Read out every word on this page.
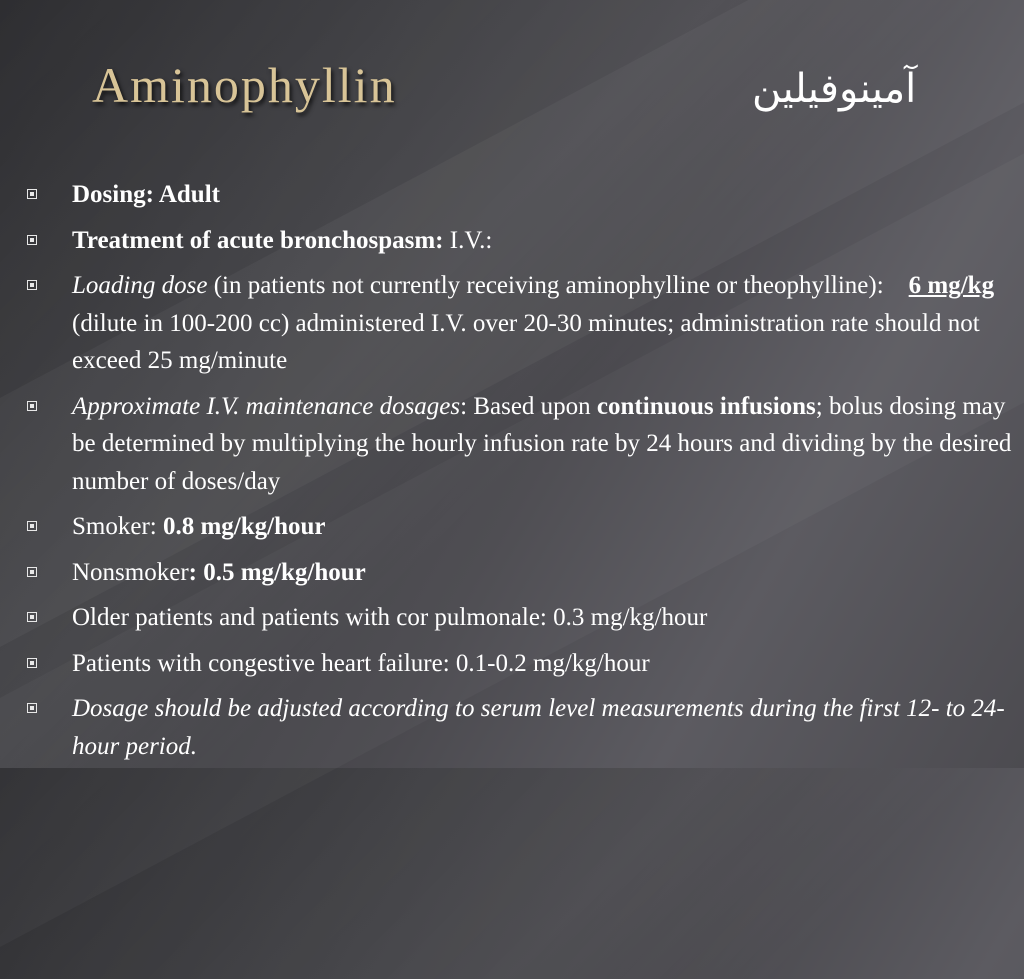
Aminophyllin	آمينوفيلين
Dosing: Adult
Treatment of acute bronchospasm: I.V.:
Loading dose (in patients not currently receiving aminophylline or theophylline):    6 mg/kg (dilute in 100-200 cc) administered I.V. over 20-30 minutes; administration rate should not exceed 25 mg/minute
Approximate I.V. maintenance dosages: Based upon continuous infusions; bolus dosing may be determined by multiplying the hourly infusion rate by 24 hours and dividing by the desired number of doses/day
Smoker: 0.8 mg/kg/hour
Nonsmoker: 0.5 mg/kg/hour
Older patients and patients with cor pulmonale: 0.3 mg/kg/hour
Patients with congestive heart failure: 0.1-0.2 mg/kg/hour
Dosage should be adjusted according to serum level measurements during the first 12- to 24-hour period.
